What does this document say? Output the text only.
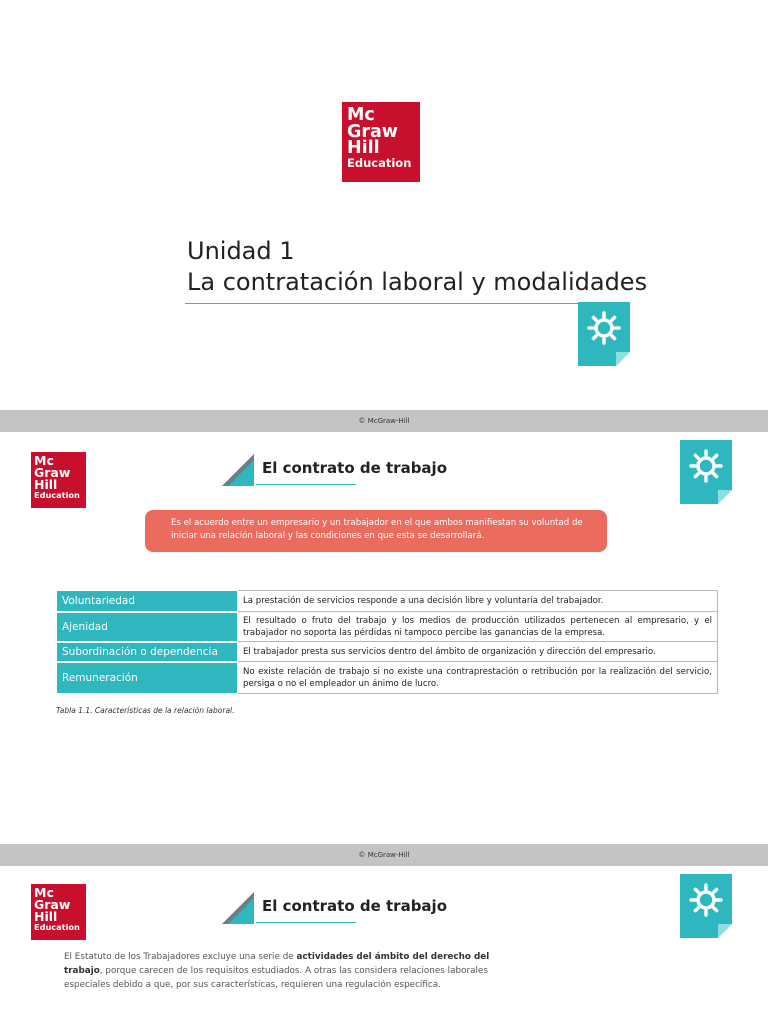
Mc
Graw
Hill
Education
Unidad 1
La contratación laboral y modalidades
© McGraw-Hill
Mc
Graw
Hill
Education
El contrato de trabajo
Es el acuerdo entre un empresario y un trabajador en el que ambos manifiestan su voluntad de iniciar una relación laboral y las condiciones en que esta se desarrollará.
Voluntariedad	La prestación de servicios responde a una decisión libre y voluntaria del trabajador.
Ajenidad	El resultado o fruto del trabajo y los medios de producción utilizados pertenecen al empresario, y el trabajador no soporta las pérdidas ni tampoco percibe las ganancias de la empresa.
Subordinación o dependencia	El trabajador presta sus servicios dentro del ámbito de organización y dirección del empresario.
Remuneración	No existe relación de trabajo si no existe una contraprestación o retribución por la realización del servicio, persiga o no el empleador un ánimo de lucro.
Tabla 1.1. Características de la relación laboral.
© McGraw-Hill
Mc
Graw
Hill
Education
El contrato de trabajo

El Estatuto de los Trabajadores excluye una serie de actividades del ámbito del derecho del trabajo, porque carecen de los requisitos estudiados. A otras las considera relaciones laborales especiales debido a que, por sus características, requieren una regulación específica.
